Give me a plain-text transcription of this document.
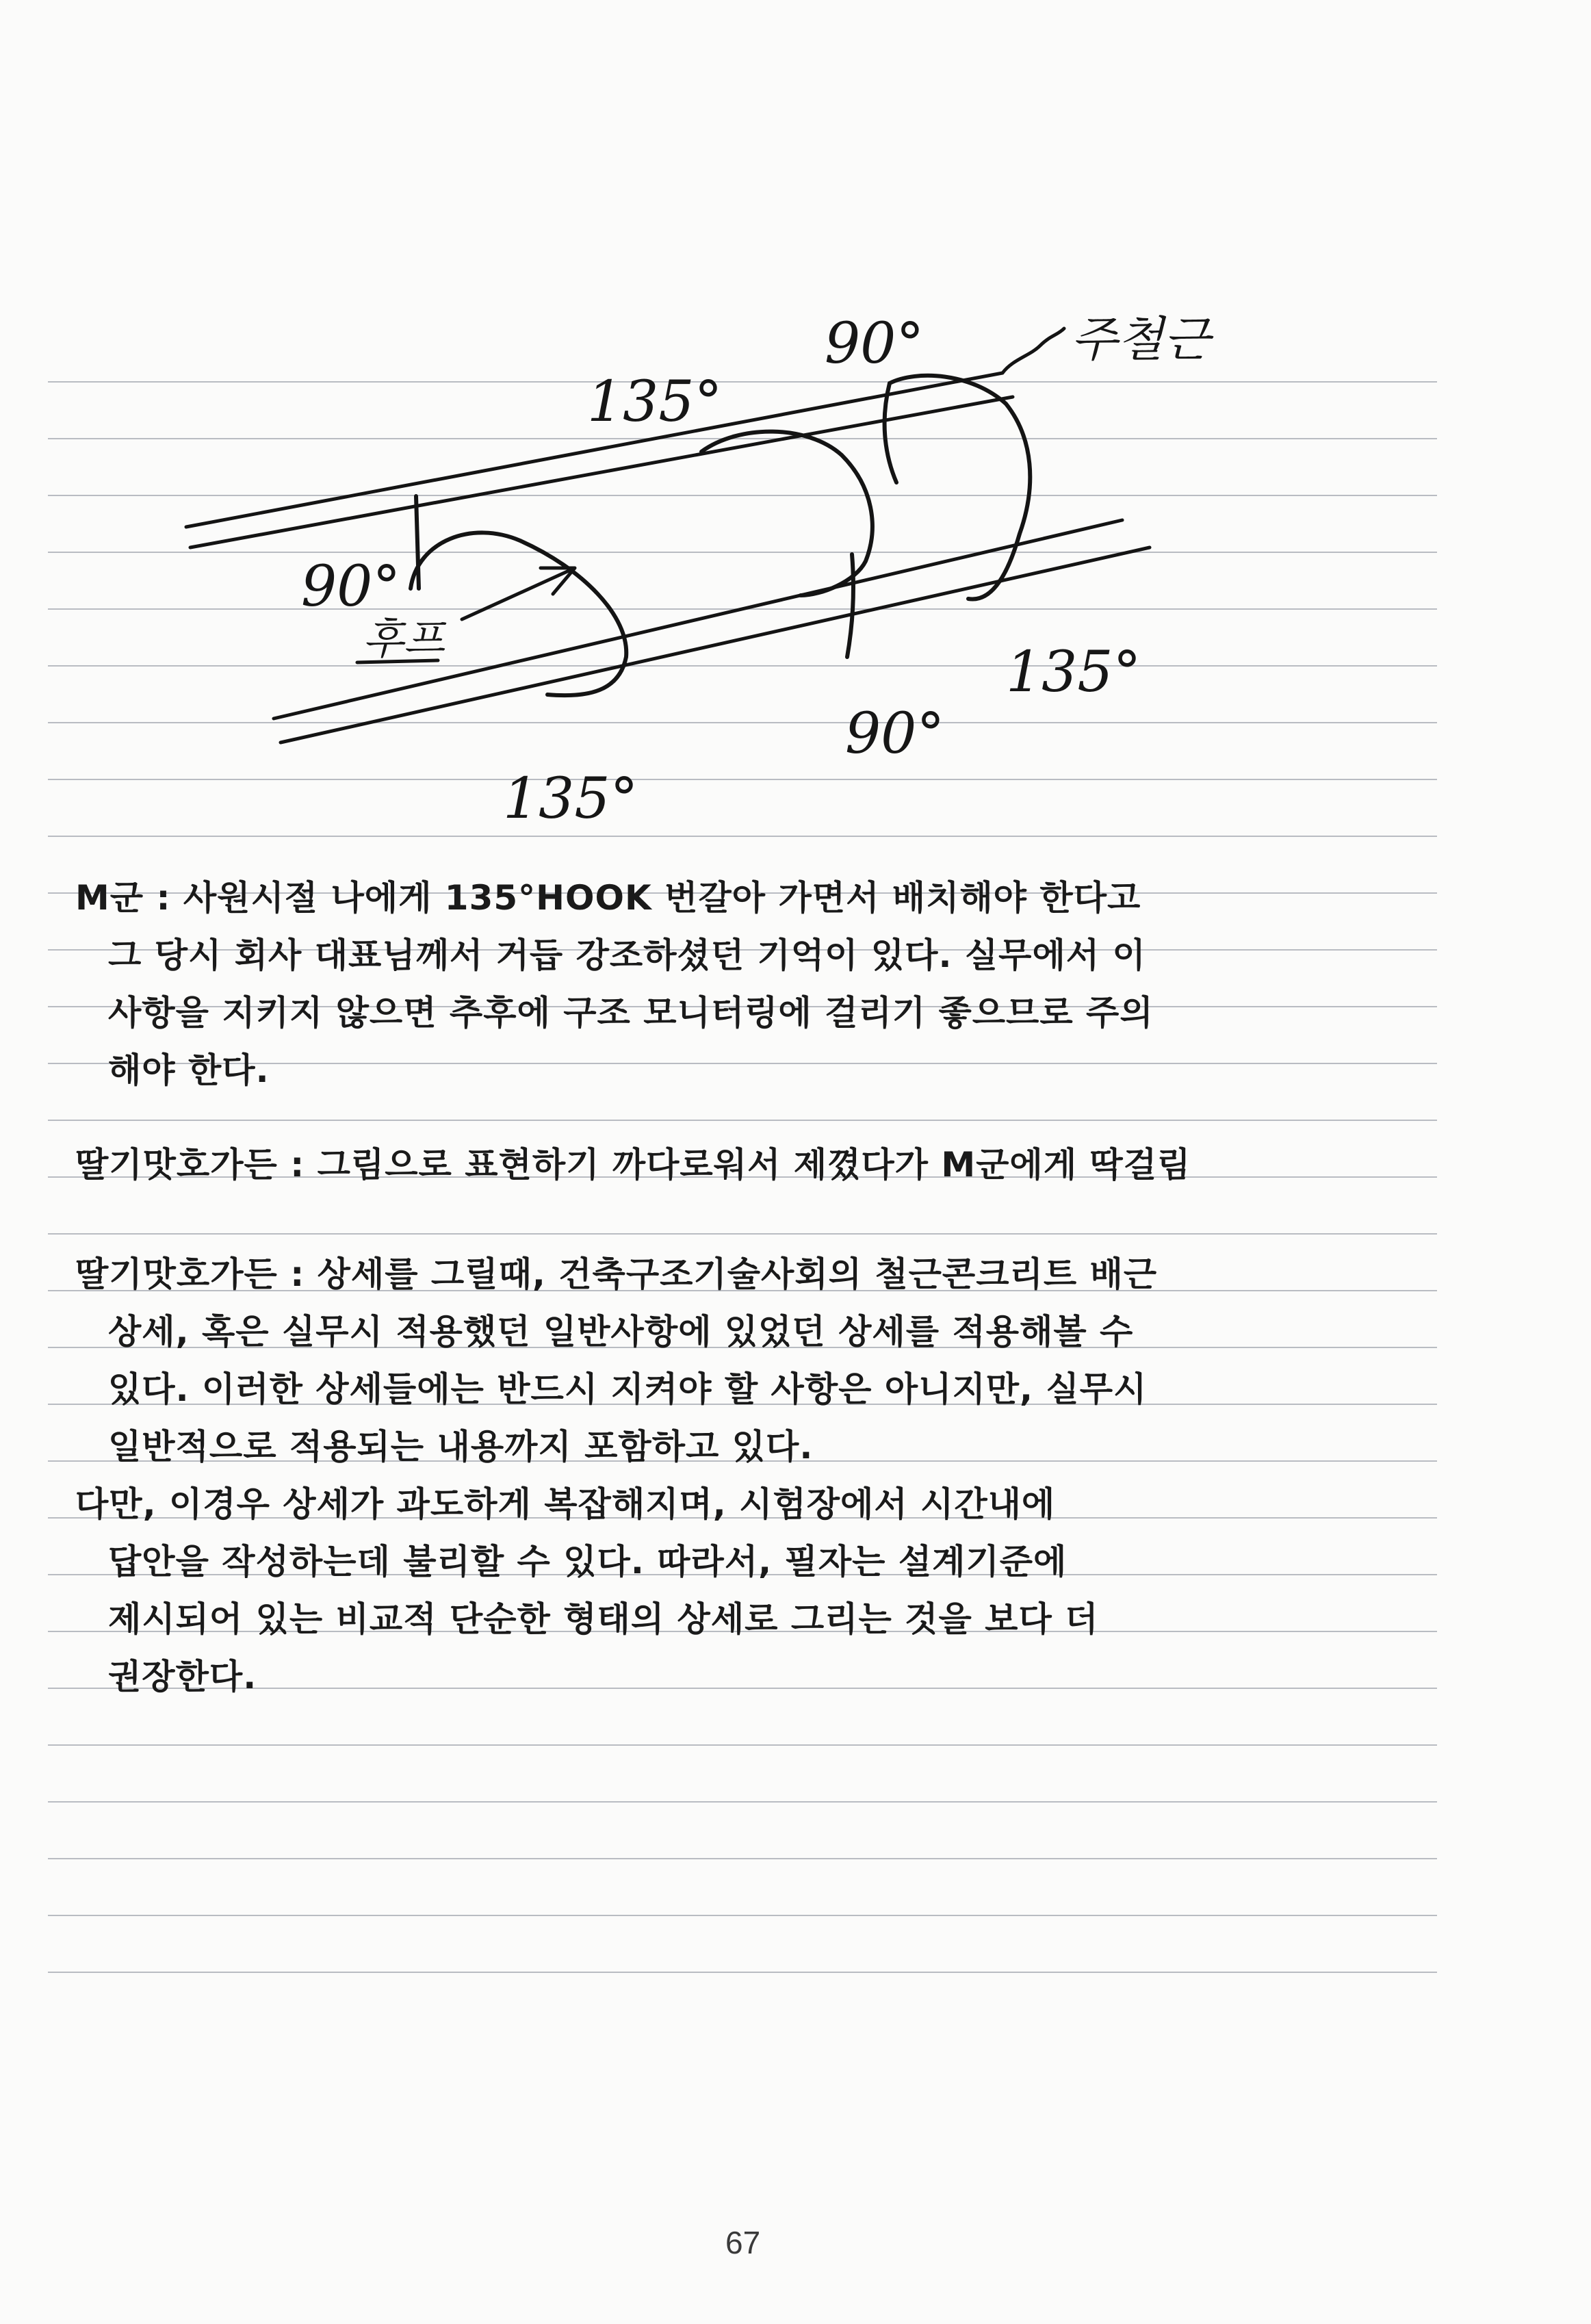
135°
90°
90°
135°
90°
135°
주철근
후프
M군 : 사원시절 나에게 135°HOOK 번갈아 가면서 배치해야 한다고
그 당시 회사 대표님께서 거듭 강조하셨던 기억이 있다. 실무에서 이
사항을 지키지 않으면 추후에 구조 모니터링에 걸리기 좋으므로 주의
해야 한다.
딸기맛호가든 : 그림으로 표현하기 까다로워서 제꼈다가 M군에게 딱걸림
딸기맛호가든 : 상세를 그릴때, 건축구조기술사회의 철근콘크리트 배근
상세, 혹은 실무시 적용했던 일반사항에 있었던 상세를 적용해볼 수
있다. 이러한 상세들에는 반드시 지켜야 할 사항은 아니지만, 실무시
일반적으로 적용되는 내용까지 포함하고 있다.
다만, 이경우 상세가 과도하게 복잡해지며, 시험장에서 시간내에
답안을 작성하는데 불리할 수 있다. 따라서, 필자는 설계기준에
제시되어 있는 비교적 단순한 형태의 상세로 그리는 것을 보다 더
권장한다.
67
